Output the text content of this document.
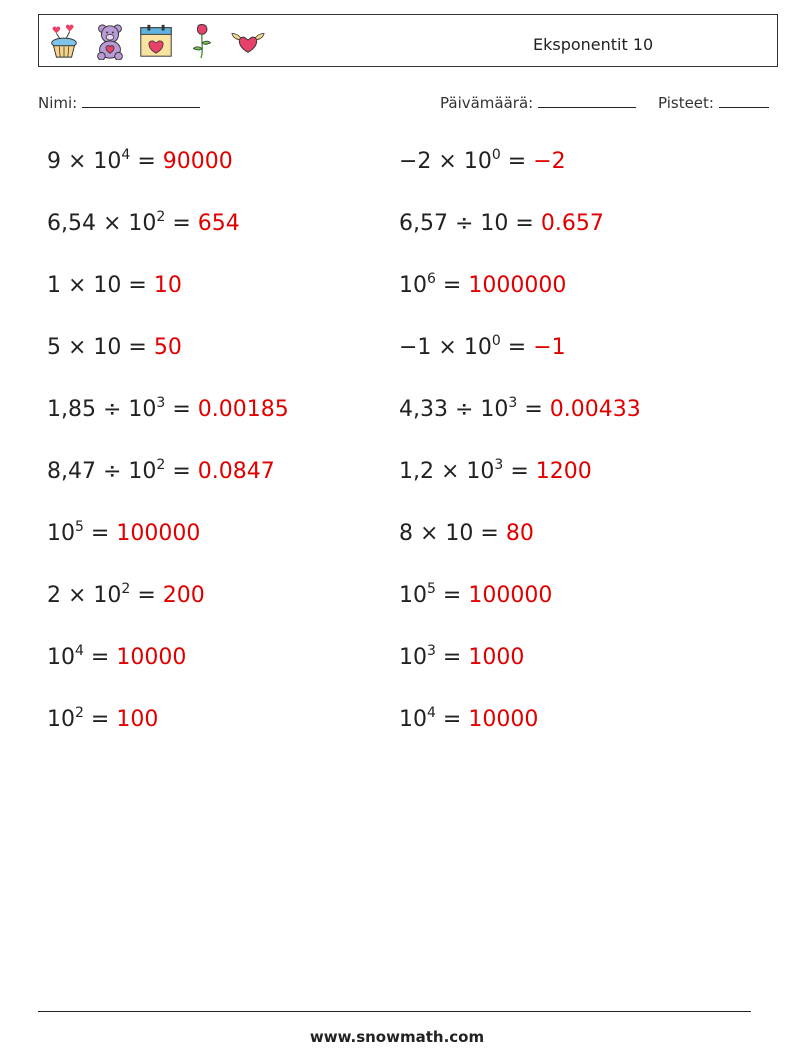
Eksponentit 10
Nimi:	Päivämäärä:	Pisteet:
$9 \times 10^4 = 90000$
$6,54 \times 10^2 = 654$
1 × 10 = 10
5 × 10 = 50
$1,85 \div 10^3 = 0.00185$
$8,47 \div 10^2 = 0.0847$
$10^5 = 100000$
$2 \times 10^2 = 200$
$10^4 = 10000$
$10^2 = 100$
$-2 \times 10^0 = -2$
6,57 ÷ 10 = 0.657
$10^6 = 1000000$
$-1 \times 10^0 = -1$
$4,33 \div 10^3 = 0.00433$
$1,2 \times 10^3 = 1200$
8 × 10 = 80
$10^5 = 100000$
$10^3 = 1000$
$10^4 = 10000$
www.snowmath.com
